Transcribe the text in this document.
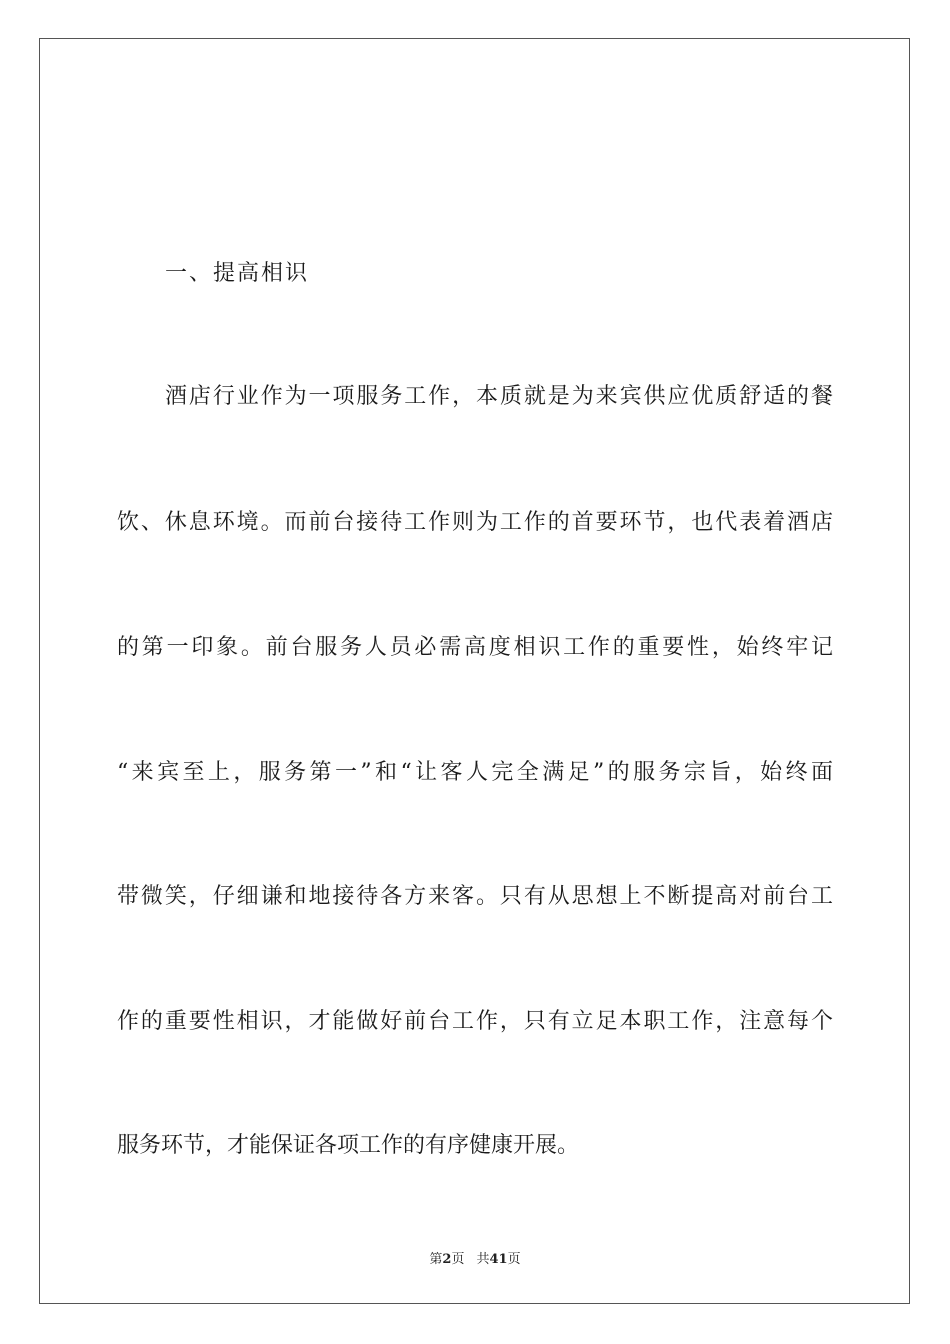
一、提高相识

酒店行业作为一项服务工作，本质就是为来宾供应优质舒适的餐

饮、休息环境。而前台接待工作则为工作的首要环节，也代表着酒店

的第一印象。前台服务人员必需高度相识工作的重要性，始终牢记

“来宾至上，服务第一”和“让客人完全满足”的服务宗旨，始终面

带微笑，仔细谦和地接待各方来客。只有从思想上不断提高对前台工

作的重要性相识，才能做好前台工作，只有立足本职工作，注意每个

服务环节，才能保证各项工作的有序健康开展。

第2页 共41页
